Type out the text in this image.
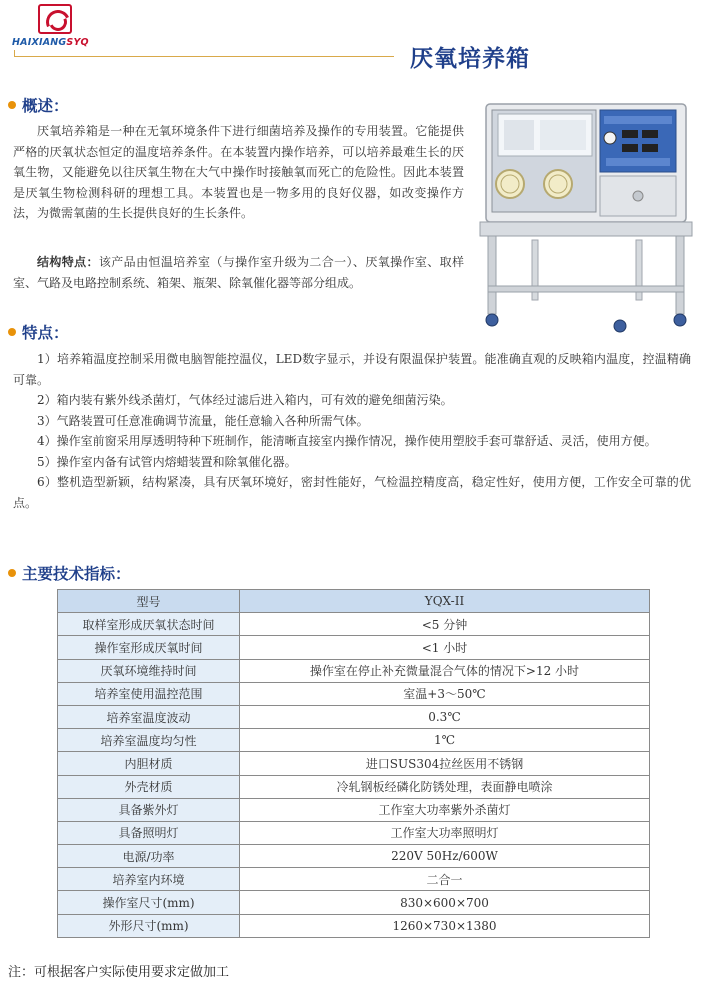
HAIXIANGSYQ
厌氧培养箱
概述：
厌氧培养箱是一种在无氧环境条件下进行细菌培养及操作的专用装置。它能提供严格的厌氧状态恒定的温度培养条件。在本装置内操作培养，可以培养最难生长的厌氧生物，又能避免以往厌氧生物在大气中操作时接触氧而死亡的危险性。因此本装置是厌氧生物检测科研的理想工具。本装置也是一物多用的良好仪器，如改变操作方法，为微需氧菌的生长提供良好的生长条件。
结构特点：该产品由恒温培养室（与操作室升级为二合一）、厌氧操作室、取样室、气路及电路控制系统、箱架、瓶架、除氧催化器等部分组成。
特点：
1）培养箱温度控制采用微电脑智能控温仪，LED数字显示，并设有限温保护装置。能准确直观的反映箱内温度，控温精确可靠。
2）箱内装有紫外线杀菌灯，气体经过滤后进入箱内，可有效的避免细菌污染。
3）气路装置可任意准确调节流量，能任意输入各种所需气体。
4）操作室前窗采用厚透明特种下班制作，能清晰直接室内操作情况，操作使用塑胶手套可靠舒适、灵活，使用方便。
5）操作室内备有试管内熔蜡装置和除氧催化器。
6）整机造型新颖，结构紧凑，具有厌氧环境好，密封性能好，气检温控精度高，稳定性好，使用方便，工作安全可靠的优点。
主要技术指标：
型号	YQX-II
取样室形成厌氧状态时间	<5 分钟
操作室形成厌氧时间	<1 小时
厌氧环境维持时间	操作室在停止补充微量混合气体的情况下>12 小时
培养室使用温控范围	室温+3～50℃
培养室温度波动	0.3℃
培养室温度均匀性	1℃
内胆材质	进口SUS304拉丝医用不锈钢
外壳材质	冷轧钢板经磷化防锈处理，表面静电喷涂
具备紫外灯	工作室大功率紫外杀菌灯
具备照明灯	工作室大功率照明灯
电源/功率	220V 50Hz/600W
培养室内环境	二合一
操作室尺寸(mm)	830×600×700
外形尺寸(mm)	1260×730×1380
注：可根据客户实际使用要求定做加工
